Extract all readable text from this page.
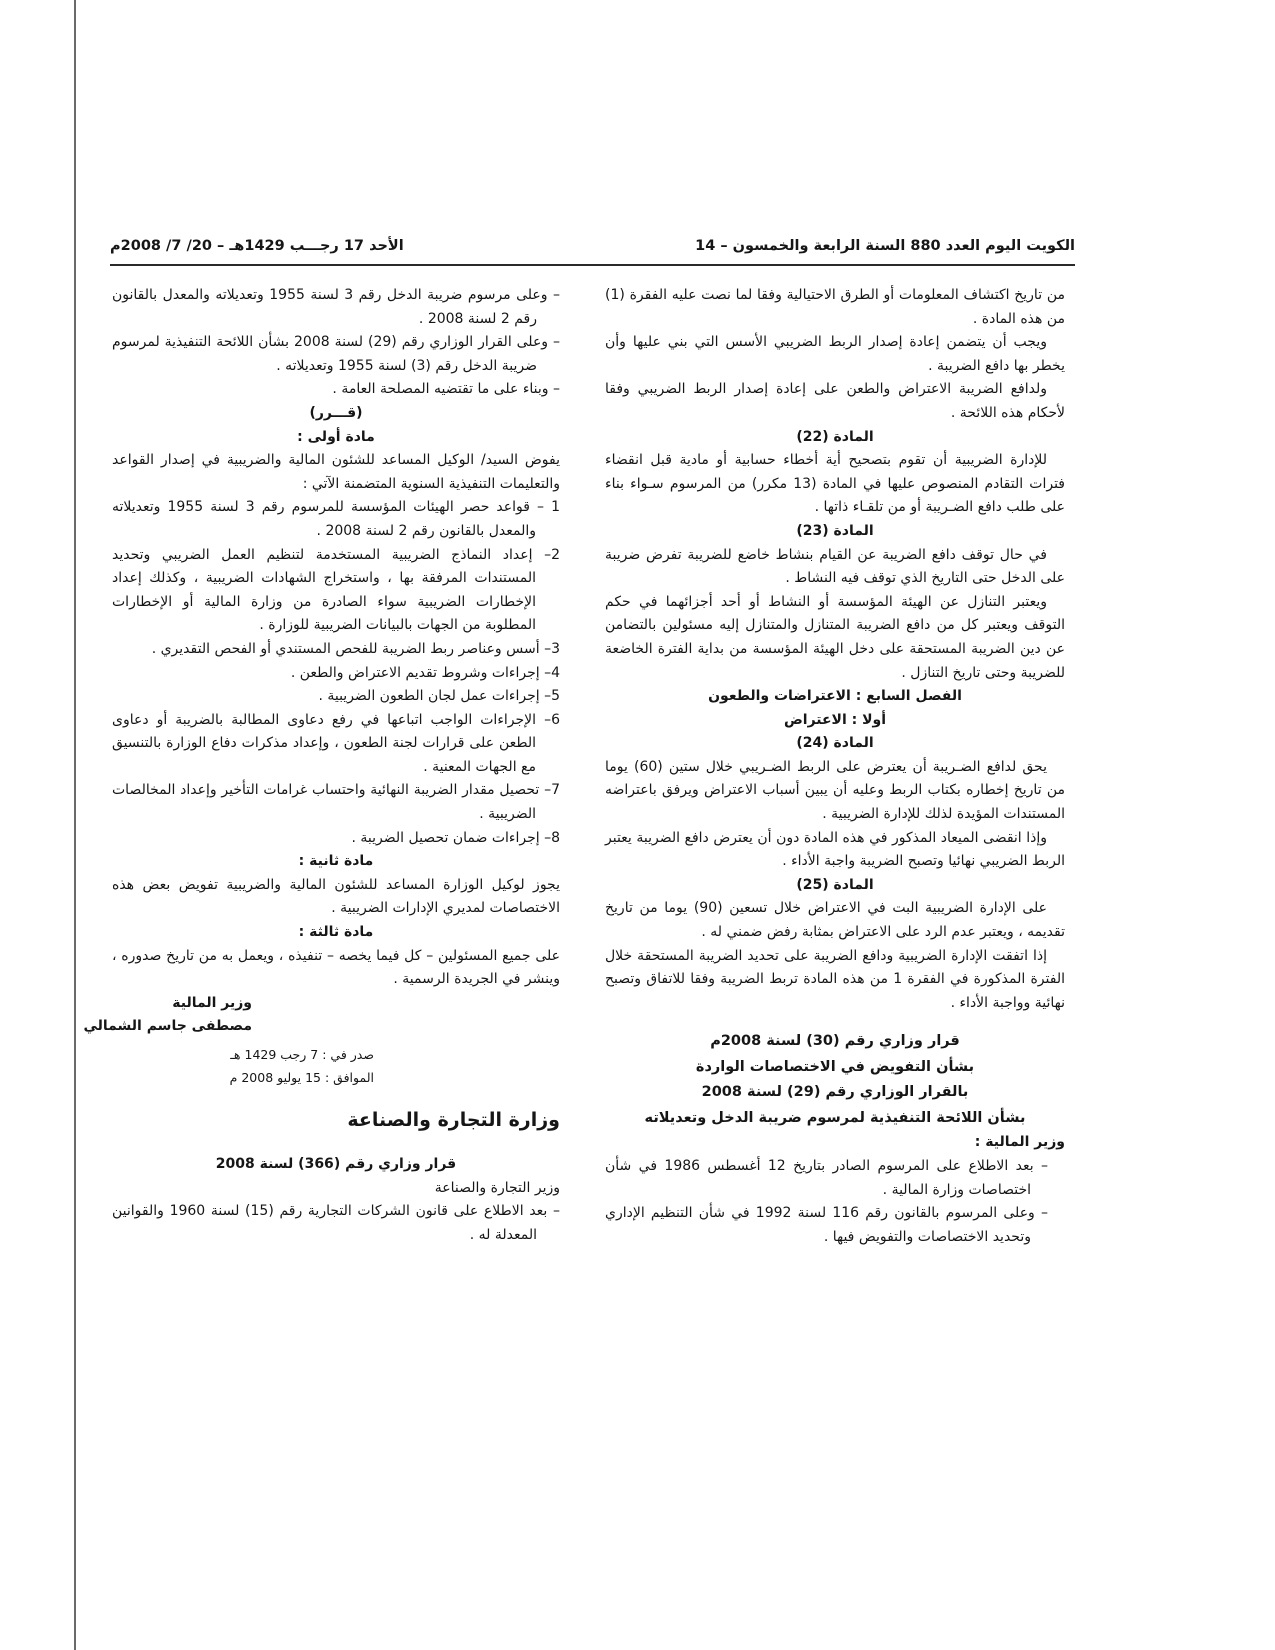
الكويت اليوم العدد 880 السنة الرابعة والخمسون – 14
الأحد 17 رجـــب 1429هـ – 20/ 7/ 2008م

من تاريخ اكتشاف المعلومات أو الطرق الاحتيالية وفقا لما نصت عليه الفقرة (1) من هذه المادة .

ويجب أن يتضمن إعادة إصدار الربط الضريبي الأسس التي بني عليها وأن يخطر بها دافع الضريبة .

ولدافع الضريبة الاعتراض والطعن على إعادة إصدار الربط الضريبي وفقا لأحكام هذه اللائحة .

المادة (22)

للإدارة الضريبية أن تقوم بتصحيح أية أخطاء حسابية أو مادية قبل انقضاء فترات التقادم المنصوص عليها في المادة (13 مكرر) من المرسوم سـواء بناء على طلب دافع الضـريبة أو من تلقـاء ذاتها .

المادة (23)

في حال توقف دافع الضريبة عن القيام بنشاط خاضع للضريبة تفرض ضريبة على الدخل حتى التاريخ الذي توقف فيه النشاط .

ويعتبر التنازل عن الهيئة المؤسسة أو النشاط أو أحد أجزائهما في حكم التوقف ويعتبر كل من دافع الضريبة المتنازل والمتنازل إليه مسئولين بالتضامن عن دين الضريبة المستحقة على دخل الهيئة المؤسسة من بداية الفترة الخاضعة للضريبة وحتى تاريخ التنازل .

الفصل السابع : الاعتراضات والطعون

أولا : الاعتراض

المادة (24)

يحق لدافع الضـريبة أن يعترض على الربط الضـريبي خلال ستين (60) يوما من تاريخ إخطاره بكتاب الربط وعليه أن يبين أسباب الاعتراض ويرفق باعتراضه المستندات المؤيدة لذلك للإدارة الضريبية .

وإذا انقضى الميعاد المذكور في هذه المادة دون أن يعترض دافع الضريبة يعتبر الربط الضريبي نهائيا وتصبح الضريبة واجبة الأداء .

المادة (25)

على الإدارة الضريبية البت في الاعتراض خلال تسعين (90) يوما من تاريخ تقديمه ، ويعتبر عدم الرد على الاعتراض بمثابة رفض ضمني له .

إذا اتفقت الإدارة الضريبية ودافع الضريبة على تحديد الضريبة المستحقة خلال الفترة المذكورة في الفقرة 1 من هذه المادة تربط الضريبة وفقا للاتفاق وتصبح نهائية وواجبة الأداء .

قرار وزاري رقم (30) لسنة 2008م

بشأن التفويض في الاختصاصات الواردة

بالقرار الوزاري رقم (29) لسنة 2008

بشأن اللائحة التنفيذية لمرسوم ضريبة الدخل وتعديلاته

وزير المالية :

– بعد الاطلاع على المرسوم الصادر بتاريخ 12 أغسطس 1986 في شأن اختصاصات وزارة المالية .

– وعلى المرسوم بالقانون رقم 116 لسنة 1992 في شأن التنظيم الإداري وتحديد الاختصاصات والتفويض فيها .

– وعلى مرسوم ضريبة الدخل رقم 3 لسنة 1955 وتعديلاته والمعدل بالقانون رقم 2 لسنة 2008 .

– وعلى القرار الوزاري رقم (29) لسنة 2008 بشأن اللائحة التنفيذية لمرسوم ضريبة الدخل رقم (3) لسنة 1955 وتعديلاته .

– وبناء على ما تقتضيه المصلحة العامة .

(قـــرر)

مادة أولى :

يفوض السيد/ الوكيل المساعد للشئون المالية والضريبية في إصدار القواعد والتعليمات التنفيذية السنوية المتضمنة الآتي :

1 – قواعد حصر الهيئات المؤسسة للمرسوم رقم 3 لسنة 1955 وتعديلاته والمعدل بالقانون رقم 2 لسنة 2008 .

2– إعداد النماذج الضريبية المستخدمة لتنظيم العمل الضريبي وتحديد المستندات المرفقة بها ، واستخراج الشهادات الضريبية ، وكذلك إعداد الإخطارات الضريبية سواء الصادرة من وزارة المالية أو الإخطارات المطلوبة من الجهات بالبيانات الضريبية للوزارة .

3– أسس وعناصر ربط الضريبة للفحص المستندي أو الفحص التقديري .

4– إجراءات وشروط تقديم الاعتراض والطعن .

5– إجراءات عمل لجان الطعون الضريبية .

6– الإجراءات الواجب اتباعها في رفع دعاوى المطالبة بالضريبة أو دعاوى الطعن على قرارات لجنة الطعون ، وإعداد مذكرات دفاع الوزارة بالتنسيق مع الجهات المعنية .

7– تحصيل مقدار الضريبة النهائية واحتساب غرامات التأخير وإعداد المخالصات الضريبية .

8– إجراءات ضمان تحصيل الضريبة .

مادة ثانية :

يجوز لوكيل الوزارة المساعد للشئون المالية والضريبية تفويض بعض هذه الاختصاصات لمديري الإدارات الضريبية .

مادة ثالثة :

على جميع المسئولين – كل فيما يخصه – تنفيذه ، ويعمل به من تاريخ صدوره ، وينشر في الجريدة الرسمية .

وزير المالية
مصطفى جاسم الشمالي
صدر في : 7 رجب 1429 هـ
الموافق : 15 يوليو 2008 م
وزارة التجارة والصناعة
قرار وزاري رقم (366) لسنة 2008

وزير التجارة والصناعة

– بعد الاطلاع على قانون الشركات التجارية رقم (15) لسنة 1960 والقوانين المعدلة له .
